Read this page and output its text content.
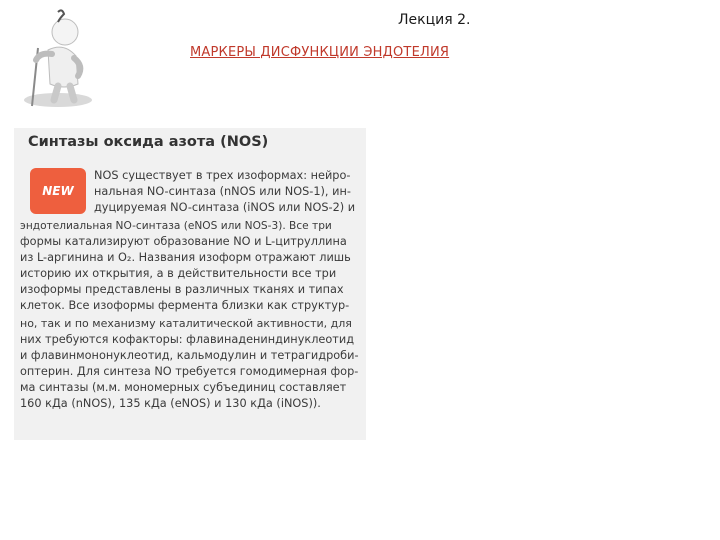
Лекция 2.
МАРКЕРЫ ДИСФУНКЦИИ ЭНДОТЕЛИЯ
Синтазы оксида азота (NOS)
NEW
NOS существует в трех изоформах: нейро-
нальная NO-синтаза (nNOS или NOS-1), ин-
дуцируемая NO-синтаза (iNOS или NOS-2) и
эндотелиальная NO-синтаза (eNOS или NOS-3). Все три
формы катализируют образование NO и L-цитруллина
из L-аргинина и O₂. Названия изоформ отражают лишь
историю их открытия, а в действительности все три
изоформы представлены в различных тканях и типах
клеток. Все изоформы фермента близки как структур-
но, так и по механизму каталитической активности, для
них требуются кофакторы: флавинадениндинуклеотид
и флавинмононуклеотид, кальмодулин и тетрагидроби-
оптерин. Для синтеза NO требуется гомодимерная фор-
ма синтазы (м.м. мономерных субъединиц составляет
160 кДа (nNOS), 135 кДа (eNOS) и 130 кДа (iNOS)).
